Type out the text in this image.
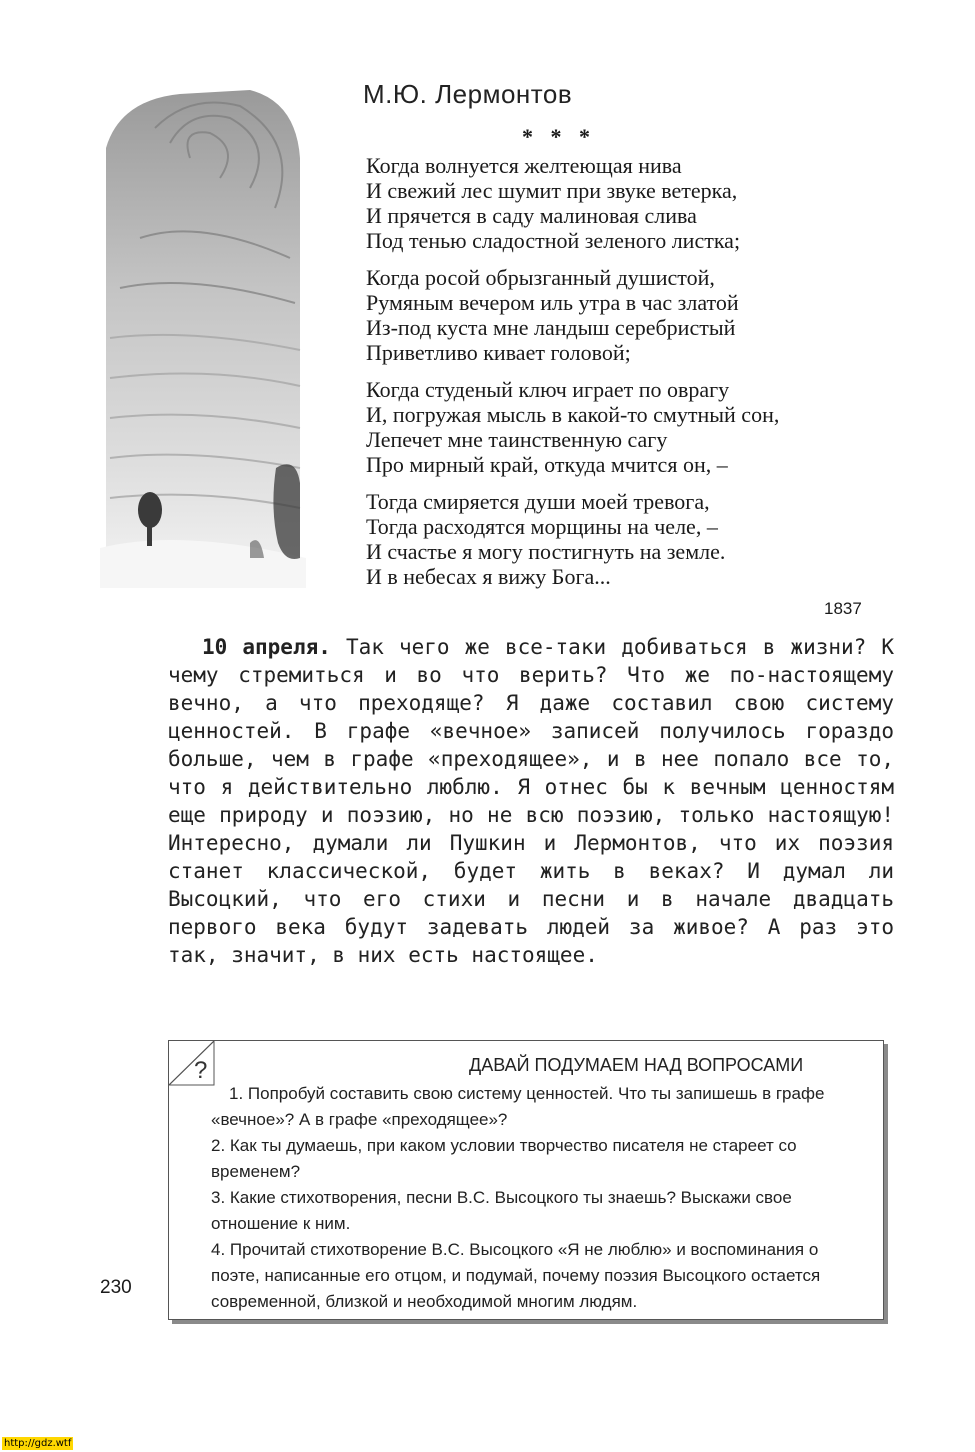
М.Ю. Лермонтов
* * *
Когда волнуется желтеющая нива
И свежий лес шумит при звуке ветерка,
И прячется в саду малиновая слива
Под тенью сладостной зеленого листка;
Когда росой обрызганный душистой,
Румяным вечером иль утра в час златой
Из-под куста мне ландыш серебристый
Приветливо кивает головой;
Когда студеный ключ играет по оврагу
И, погружая мысль в какой-то смутный сон,
Лепечет мне таинственную сагу
Про мирный край, откуда мчится он, –
Тогда смиряется души моей тревога,
Тогда расходятся морщины на челе, –
И счастье я могу постигнуть на земле.
И в небесах я вижу Бога...
1837
10 апреля. Так чего же все-таки добиваться в жизни? К чему стремиться и во что верить? Что же по-настоящему вечно, а что преходяще? Я даже составил свою систему ценностей. В графе «вечное» записей получилось гораздо больше, чем в графе «преходящее», и в нее попало все то, что я действительно люблю. Я отнес бы к вечным ценностям еще природу и поэзию, но не всю поэзию, только настоящую! Интересно, думали ли Пушкин и Лермонтов, что их поэзия станет классической, будет жить в веках? И думал ли Высоцкий, что его стихи и песни и в начале двадцать первого века будут задевать людей за живое? А раз это так, значит, в них есть настоящее.
?	ДАВАЙ ПОДУМАЕМ НАД ВОПРОСАМИ

1. Попробуй составить свою систему ценностей. Что ты запишешь в графе «вечное»? А в графе «преходящее»?

2. Как ты думаешь, при каком условии творчество писателя не стареет со временем?

3. Какие стихотворения, песни В.С. Высоцкого ты знаешь? Выскажи свое отношение к ним.

4. Прочитай стихотворение В.С. Высоцкого «Я не люблю» и воспоминания о поэте, написанные его отцом, и подумай, почему поэзия Высоцкого остается современной, близкой и необходимой многим людям.

230
http://gdz.wtf
